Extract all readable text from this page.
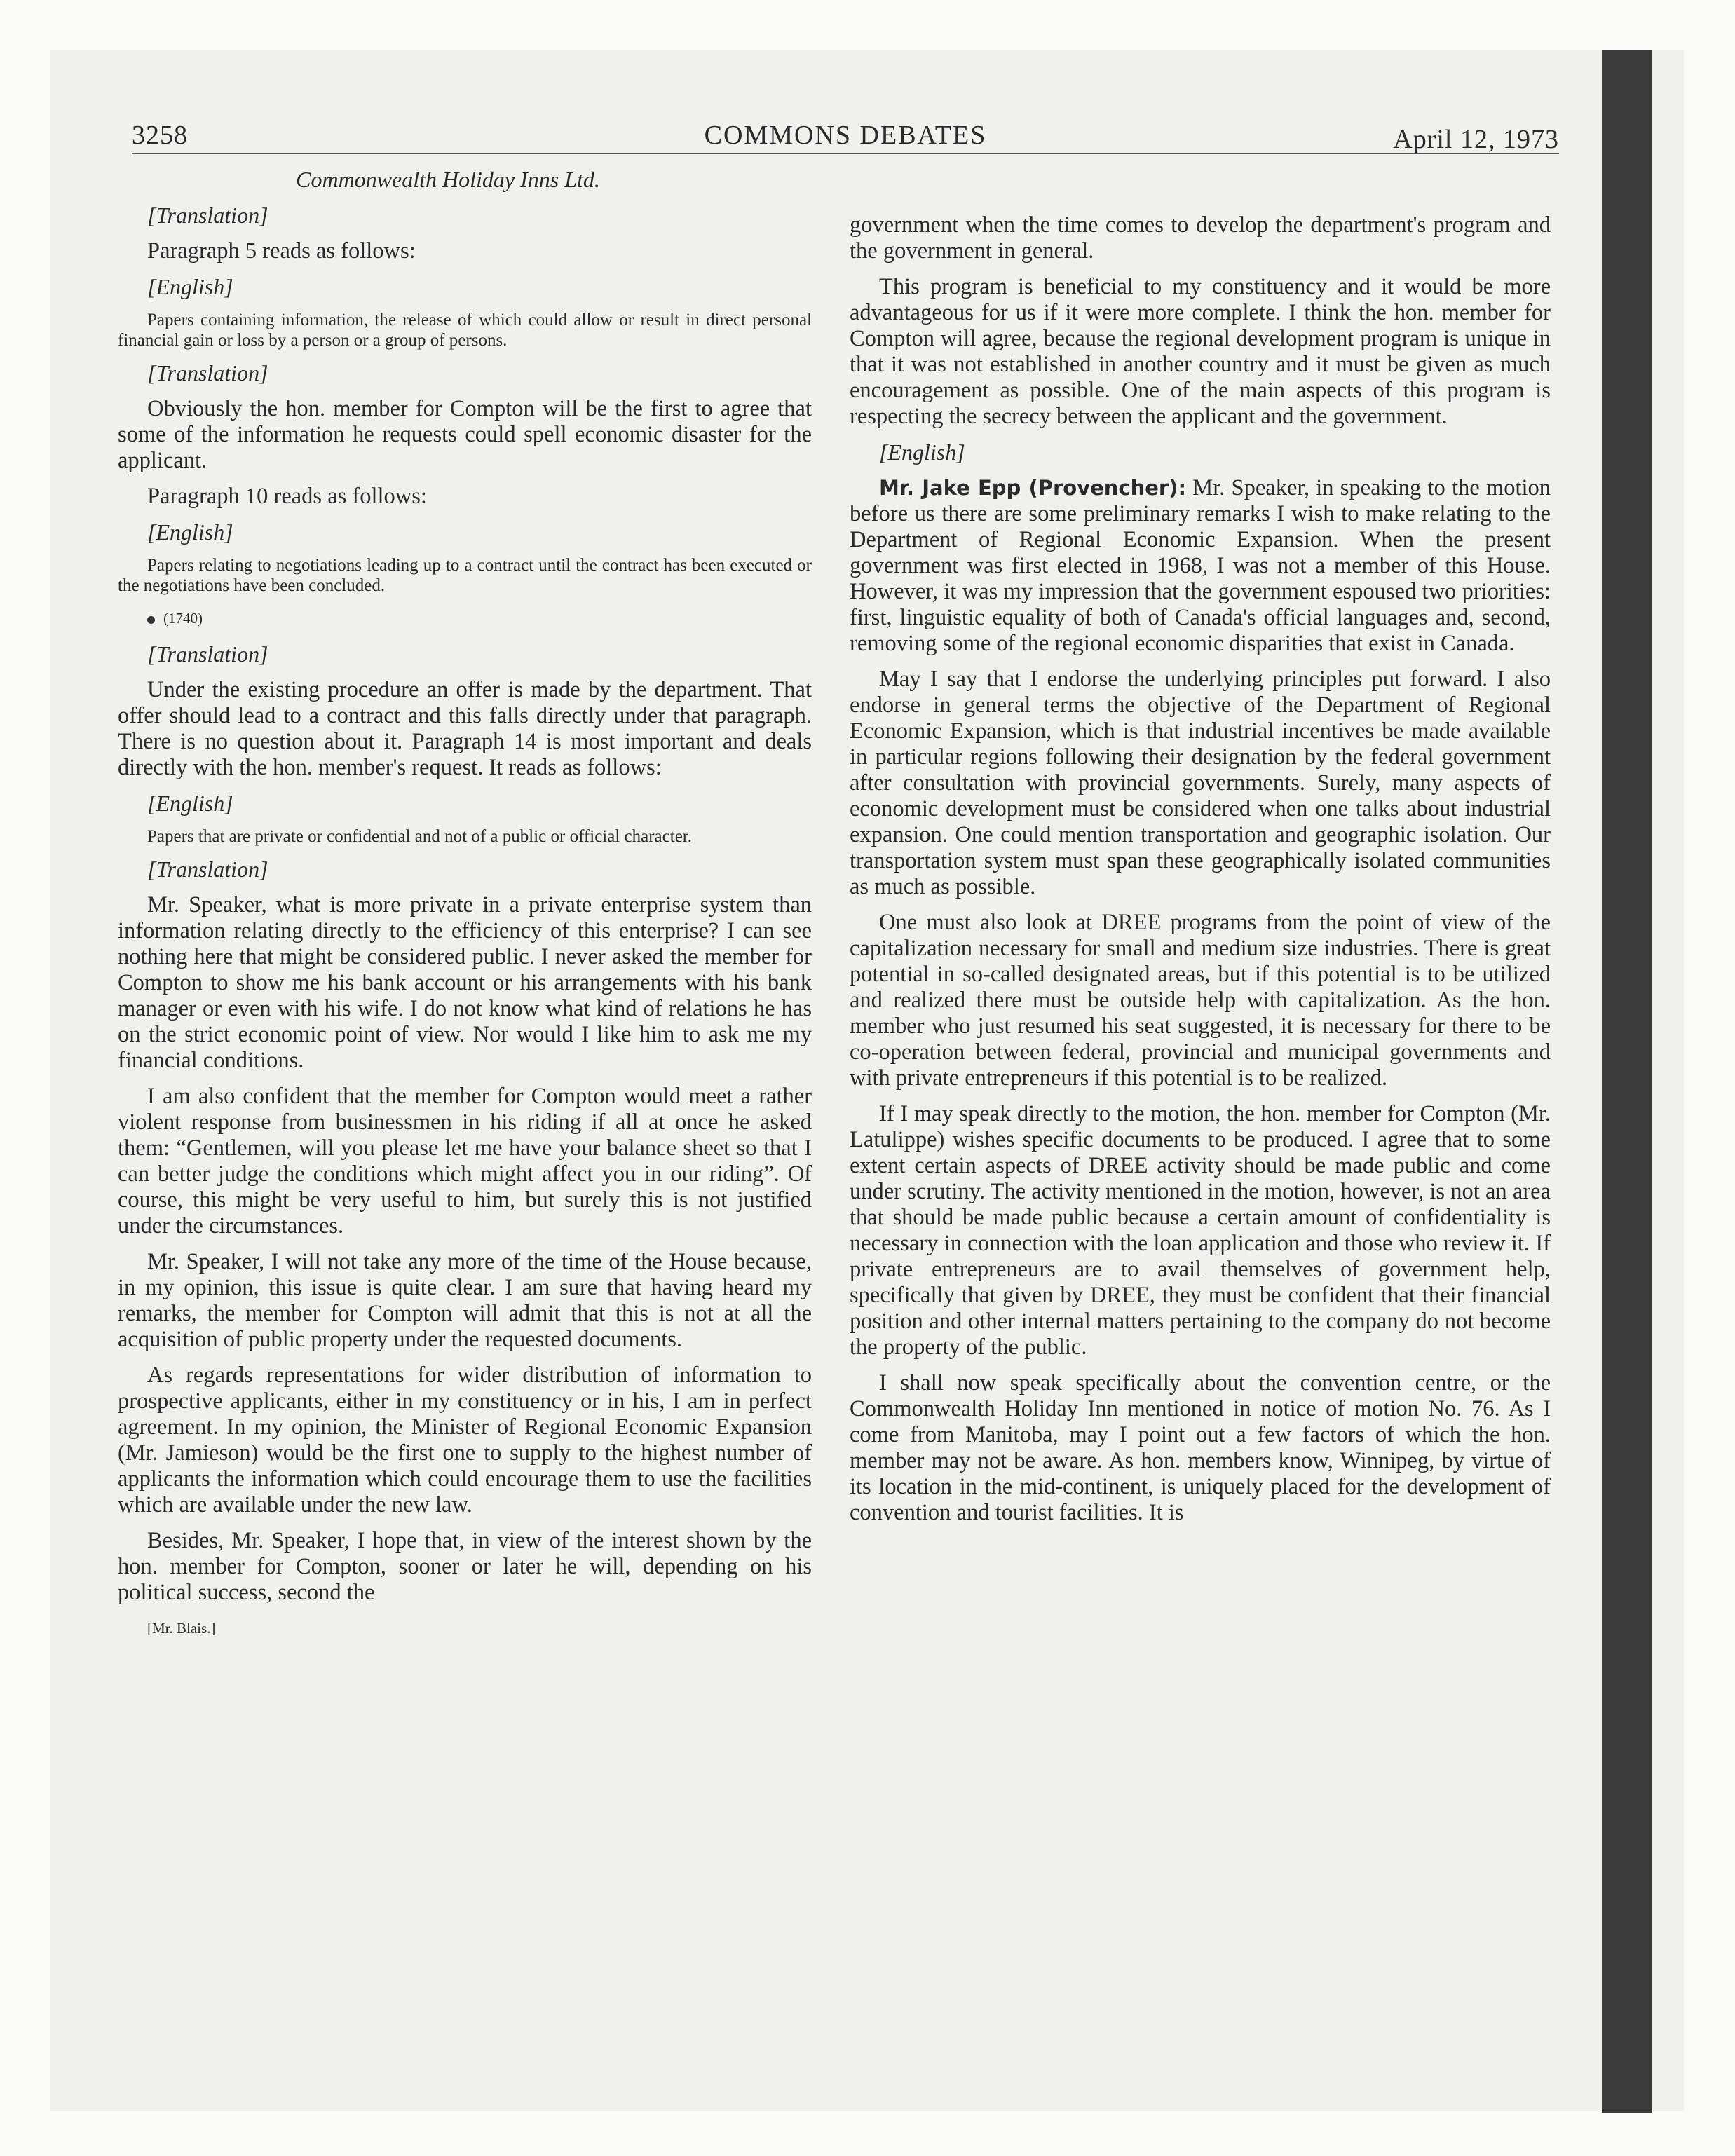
3258	COMMONS DEBATES	April 12, 1973

Commonwealth Holiday Inns Ltd.

[Translation]

Paragraph 5 reads as follows:

[English]

Papers containing information, the release of which could allow or result in direct personal financial gain or loss by a person or a group of persons.

[Translation]

Obviously the hon. member for Compton will be the first to agree that some of the information he requests could spell economic disaster for the applicant.

Paragraph 10 reads as follows:

[English]

Papers relating to negotiations leading up to a contract until the contract has been executed or the negotiations have been concluded.

(1740)

[Translation]

Under the existing procedure an offer is made by the department. That offer should lead to a contract and this falls directly under that paragraph. There is no question about it. Paragraph 14 is most important and deals directly with the hon. member's request. It reads as follows:

[English]

Papers that are private or confidential and not of a public or official character.

[Translation]

Mr. Speaker, what is more private in a private enterprise system than information relating directly to the efficiency of this enterprise? I can see nothing here that might be considered public. I never asked the member for Compton to show me his bank account or his arrangements with his bank manager or even with his wife. I do not know what kind of relations he has on the strict economic point of view. Nor would I like him to ask me my financial conditions.

I am also confident that the member for Compton would meet a rather violent response from businessmen in his riding if all at once he asked them: “Gentlemen, will you please let me have your balance sheet so that I can better judge the conditions which might affect you in our riding”. Of course, this might be very useful to him, but surely this is not justified under the circumstances.

Mr. Speaker, I will not take any more of the time of the House because, in my opinion, this issue is quite clear. I am sure that having heard my remarks, the member for Compton will admit that this is not at all the acquisition of public property under the requested documents.

As regards representations for wider distribution of information to prospective applicants, either in my constituency or in his, I am in perfect agreement. In my opinion, the Minister of Regional Economic Expansion (Mr. Jamieson) would be the first one to supply to the highest number of applicants the information which could encourage them to use the facilities which are available under the new law.

Besides, Mr. Speaker, I hope that, in view of the interest shown by the hon. member for Compton, sooner or later he will, depending on his political success, second the

[Mr. Blais.]

government when the time comes to develop the department's program and the government in general.

This program is beneficial to my constituency and it would be more advantageous for us if it were more complete. I think the hon. member for Compton will agree, because the regional development program is unique in that it was not established in another country and it must be given as much encouragement as possible. One of the main aspects of this program is respecting the secrecy between the applicant and the government.

[English]

Mr. Jake Epp (Provencher): Mr. Speaker, in speaking to the motion before us there are some preliminary remarks I wish to make relating to the Department of Regional Economic Expansion. When the present government was first elected in 1968, I was not a member of this House. However, it was my impression that the government espoused two priorities: first, linguistic equality of both of Canada's official languages and, second, removing some of the regional economic disparities that exist in Canada.

May I say that I endorse the underlying principles put forward. I also endorse in general terms the objective of the Department of Regional Economic Expansion, which is that industrial incentives be made available in particular regions following their designation by the federal government after consultation with provincial governments. Surely, many aspects of economic development must be considered when one talks about industrial expansion. One could mention transportation and geographic isolation. Our transportation system must span these geographically isolated communities as much as possible.

One must also look at DREE programs from the point of view of the capitalization necessary for small and medium size industries. There is great potential in so-called designated areas, but if this potential is to be utilized and realized there must be outside help with capitalization. As the hon. member who just resumed his seat suggested, it is necessary for there to be co-operation between federal, provincial and municipal governments and with private entrepreneurs if this potential is to be realized.

If I may speak directly to the motion, the hon. member for Compton (Mr. Latulippe) wishes specific documents to be produced. I agree that to some extent certain aspects of DREE activity should be made public and come under scrutiny. The activity mentioned in the motion, however, is not an area that should be made public because a certain amount of confidentiality is necessary in connection with the loan application and those who review it. If private entrepreneurs are to avail themselves of government help, specifically that given by DREE, they must be confident that their financial position and other internal matters pertaining to the company do not become the property of the public.

I shall now speak specifically about the convention centre, or the Commonwealth Holiday Inn mentioned in notice of motion No. 76. As I come from Manitoba, may I point out a few factors of which the hon. member may not be aware. As hon. members know, Winnipeg, by virtue of its location in the mid-continent, is uniquely placed for the development of convention and tourist facilities. It is
